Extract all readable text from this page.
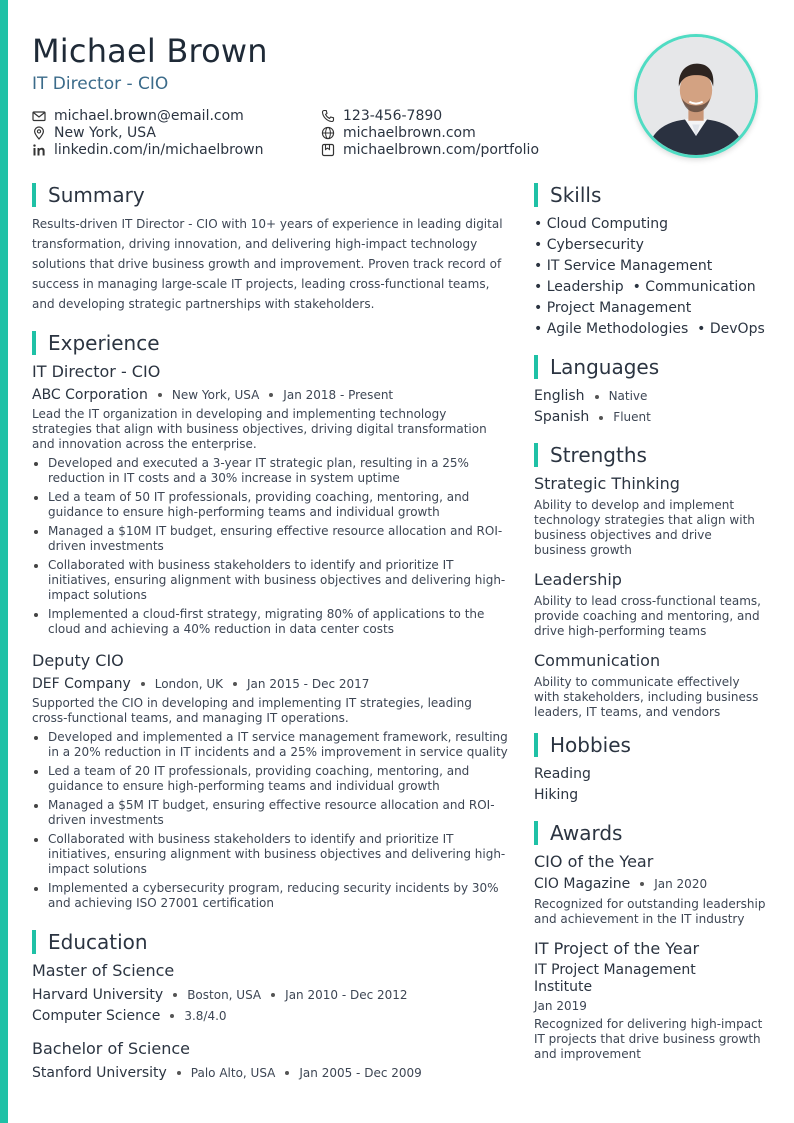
Michael Brown
IT Director - CIO
michael.brown@email.com	123-456-7890
New York, USA	michaelbrown.com
linkedin.com/in/michaelbrown	michaelbrown.com/portfolio
Summary

Results-driven IT Director - CIO with 10+ years of experience in leading digital transformation, driving innovation, and delivering high-impact technology solutions that drive business growth and improvement. Proven track record of success in managing large-scale IT projects, leading cross-functional teams, and developing strategic partnerships with stakeholders.

Experience
IT Director - CIO
ABC Corporation New York, USA Jan 2018 - Present
Lead the IT organization in developing and implementing technology strategies that align with business objectives, driving digital transformation and innovation across the enterprise.
Developed and executed a 3-year IT strategic plan, resulting in a 25% reduction in IT costs and a 30% increase in system uptime
Led a team of 50 IT professionals, providing coaching, mentoring, and guidance to ensure high-performing teams and individual growth
Managed a $10M IT budget, ensuring effective resource allocation and ROI-driven investments
Collaborated with business stakeholders to identify and prioritize IT initiatives, ensuring alignment with business objectives and delivering high-impact solutions
Implemented a cloud-first strategy, migrating 80% of applications to the cloud and achieving a 40% reduction in data center costs
Deputy CIO
DEF Company London, UK Jan 2015 - Dec 2017
Supported the CIO in developing and implementing IT strategies, leading cross-functional teams, and managing IT operations.
Developed and implemented a IT service management framework, resulting in a 20% reduction in IT incidents and a 25% improvement in service quality
Led a team of 20 IT professionals, providing coaching, mentoring, and guidance to ensure high-performing teams and individual growth
Managed a $5M IT budget, ensuring effective resource allocation and ROI-driven investments
Collaborated with business stakeholders to identify and prioritize IT initiatives, ensuring alignment with business objectives and delivering high-impact solutions
Implemented a cybersecurity program, reducing security incidents by 30% and achieving ISO 27001 certification
Education
Master of Science
Harvard University Boston, USA Jan 2010 - Dec 2012
Computer Science 3.8/4.0
Bachelor of Science
Stanford University Palo Alto, USA Jan 2005 - Dec 2009
Skills
• Cloud Computing
• Cybersecurity
• IT Service Management
• Leadership • Communication
• Project Management
• Agile Methodologies • DevOps
Languages
English Native
Spanish Fluent
Strengths
Strategic Thinking
Ability to develop and implement technology strategies that align with business objectives and drive business growth
Leadership
Ability to lead cross-functional teams, provide coaching and mentoring, and drive high-performing teams
Communication
Ability to communicate effectively with stakeholders, including business leaders, IT teams, and vendors
Hobbies
Reading
Hiking
Awards
CIO of the Year
CIO Magazine Jan 2020
Recognized for outstanding leadership and achievement in the IT industry
IT Project of the Year
IT Project Management Institute
Jan 2019
Recognized for delivering high-impact IT projects that drive business growth and improvement
